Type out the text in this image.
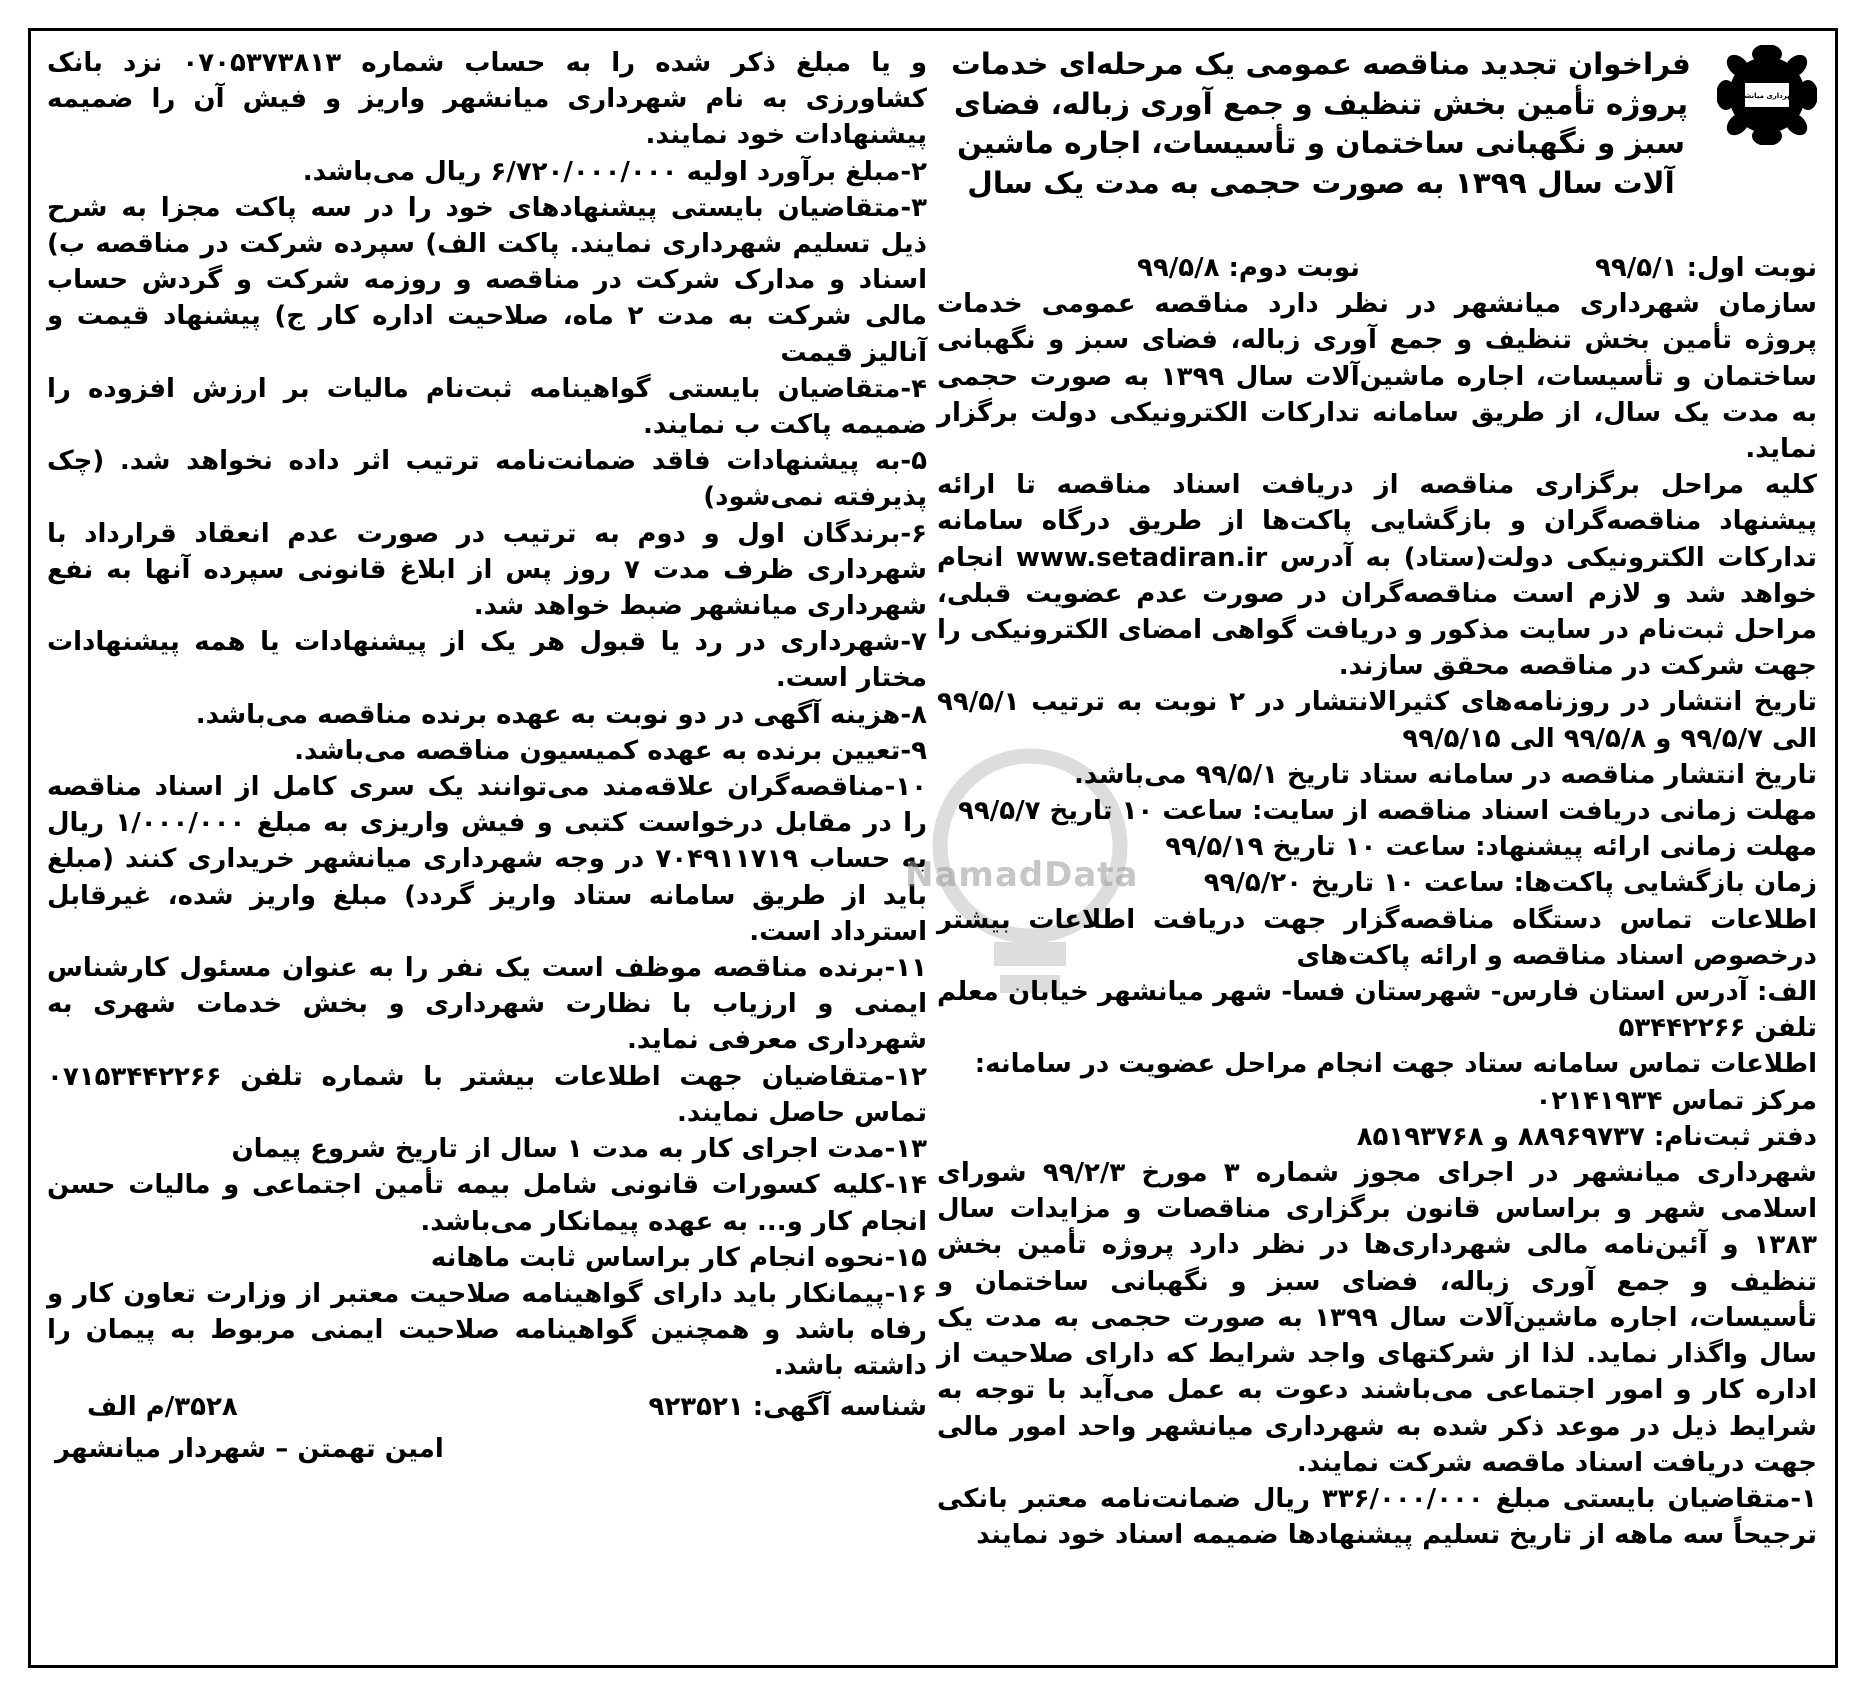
شهرداری میانشهر
فراخوان تجدید مناقصه عمومی یک مرحله‌ای خدمات پروژه تأمین بخش تنظیف و جمع آوری زباله، فضای سبز و نگهبانی ساختمان و تأسیسات، اجاره ماشین آلات سال ۱۳۹۹ به صورت حجمی به مدت یک سال
نوبت اول: ۹۹/۵/۱
نوبت دوم: ۹۹/۵/۸

سازمان شهرداری میانشهر در نظر دارد مناقصه عمومی خدمات پروژه تأمین بخش تنظیف و جمع آوری زباله، فضای سبز و نگهبانی ساختمان و تأسیسات، اجاره ماشین‌آلات سال ۱۳۹۹ به صورت حجمی به مدت یک سال، از طریق سامانه تدارکات الکترونیکی دولت برگزار نماید.

کلیه مراحل برگزاری مناقصه از دریافت اسناد مناقصه تا ارائه پیشنهاد مناقصه‌گران و بازگشایی پاکت‌ها از طریق درگاه سامانه تدارکات الکترونیکی دولت(ستاد) به آدرس www.setadiran.ir انجام خواهد شد و لازم است مناقصه‌گران در صورت عدم عضویت قبلی، مراحل ثبت‌نام در سایت مذکور و دریافت گواهی امضای الکترونیکی را جهت شرکت در مناقصه محقق سازند.

تاریخ انتشار در روزنامه‌های کثیرالانتشار در ۲ نوبت به ترتیب ۹۹/۵/۱ الی ۹۹/۵/۷ و ۹۹/۵/۸ الی ۹۹/۵/۱۵

تاریخ انتشار مناقصه در سامانه ستاد تاریخ ۹۹/۵/۱ می‌باشد.

مهلت زمانی دریافت اسناد مناقصه از سایت: ساعت ۱۰ تاریخ ۹۹/۵/۷

مهلت زمانی ارائه پیشنهاد: ساعت ۱۰ تاریخ ۹۹/۵/۱۹

زمان بازگشایی پاکت‌ها: ساعت ۱۰ تاریخ ۹۹/۵/۲۰

اطلاعات تماس دستگاه مناقصه‌گزار جهت دریافت اطلاعات بیشتر درخصوص اسناد مناقصه و ارائه پاکت‌های

الف: آدرس استان فارس- شهرستان فسا- شهر میانشهر خیابان معلم تلفن ۵۳۴۴۲۲۶۶

اطلاعات تماس سامانه ستاد جهت انجام مراحل عضویت در سامانه:

مرکز تماس ۰۲۱۴۱۹۳۴

دفتر ثبت‌نام: ۸۸۹۶۹۷۳۷ و ۸۵۱۹۳۷۶۸

شهرداری میانشهر در اجرای مجوز شماره ۳ مورخ ۹۹/۲/۳ شورای اسلامی شهر و براساس قانون برگزاری مناقصات و مزایدات سال ۱۳۸۳ و آئین‌نامه مالی شهرداری‌ها در نظر دارد پروژه تأمین بخش تنظیف و جمع آوری زباله، فضای سبز و نگهبانی ساختمان و تأسیسات، اجاره ماشین‌آلات سال ۱۳۹۹ به صورت حجمی به مدت یک سال واگذار نماید. لذا از شرکتهای واجد شرایط که دارای صلاحیت از اداره کار و امور اجتماعی می‌باشند دعوت به عمل می‌آید با توجه به شرایط ذیل در موعد ذکر شده به شهرداری میانشهر واحد امور مالی جهت دریافت اسناد ماقصه شرکت نمایند.

۱-متقاضیان بایستی مبلغ ۳۳۶/۰۰۰/۰۰۰ ریال ضمانت‌نامه معتبر بانکی ترجیحاً سه ماهه از تاریخ تسلیم پیشنهادها ضمیمه اسناد خود نمایند

و یا مبلغ ذکر شده را به حساب شماره ۰۷۰۵۳۷۳۸۱۳ نزد بانک کشاورزی به نام شهرداری میانشهر واریز و فیش آن را ضمیمه پیشنهادات خود نمایند.

۲-مبلغ برآورد اولیه ۶/۷۲۰/۰۰۰/۰۰۰ ریال می‌باشد.

۳-متقاضیان بایستی پیشنهادهای خود را در سه پاکت مجزا به شرح ذیل تسلیم شهرداری نمایند. پاکت الف) سپرده شرکت در مناقصه ب) اسناد و مدارک شرکت در مناقصه و روزمه شرکت و گردش حساب مالی شرکت به مدت ۲ ماه، صلاحیت اداره کار ج) پیشنهاد قیمت و آنالیز قیمت

۴-متقاضیان بایستی گواهینامه ثبت‌نام مالیات بر ارزش افزوده را ضمیمه پاکت ب نمایند.

۵-به پیشنهادات فاقد ضمانت‌نامه ترتیب اثر داده نخواهد شد. (چک پذیرفته نمی‌شود)

۶-برندگان اول و دوم به ترتیب در صورت عدم انعقاد قرارداد با شهرداری ظرف مدت ۷ روز پس از ابلاغ قانونی سپرده آنها به نفع شهرداری میانشهر ضبط خواهد شد.

۷-شهرداری در رد یا قبول هر یک از پیشنهادات یا همه پیشنهادات مختار است.

۸-هزینه آگهی در دو نوبت به عهده برنده مناقصه می‌باشد.

۹-تعیین برنده به عهده کمیسیون مناقصه می‌باشد.

۱۰-مناقصه‌گران علاقه‌مند می‌توانند یک سری کامل از اسناد مناقصه را در مقابل درخواست کتبی و فیش واریزی به مبلغ ۱/۰۰۰/۰۰۰ ریال به حساب ۷۰۴۹۱۱۷۱۹ در وجه شهرداری میانشهر خریداری کنند (مبلغ باید از طریق سامانه ستاد واریز گردد) مبلغ واریز شده، غیرقابل استرداد است.

۱۱-برنده مناقصه موظف است یک نفر را به عنوان مسئول کارشناس ایمنی و ارزیاب با نظارت شهرداری و بخش خدمات شهری به شهرداری معرفی نماید.

۱۲-متقاضیان جهت اطلاعات بیشتر با شماره تلفن ۰۷۱۵۳۴۴۲۲۶۶ تماس حاصل نمایند.

۱۳-مدت اجرای کار به مدت ۱ سال از تاریخ شروع پیمان

۱۴-کلیه کسورات قانونی شامل بیمه تأمین اجتماعی و مالیات حسن انجام کار و... به عهده پیمانکار می‌باشد.

۱۵-نحوه انجام کار براساس ثابت ماهانه

۱۶-پیمانکار باید دارای گواهینامه صلاحیت معتبر از وزارت تعاون کار و رفاه باشد و همچنین گواهینامه صلاحیت ایمنی مربوط به پیمان را داشته باشد.

شناسه آگهی: ۹۲۳۵۲۱
۳۵۲۸/م الف
امین تهمتن – شهردار میانشهر
NamadData
